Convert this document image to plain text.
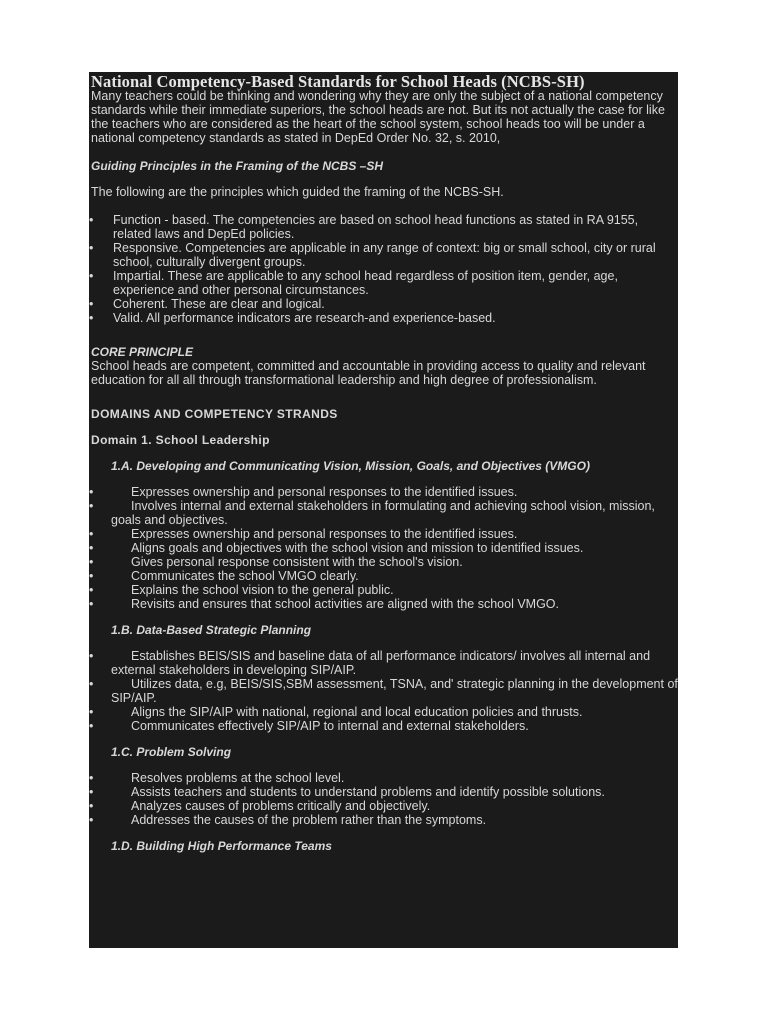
National Competency-Based Standards for School Heads (NCBS-SH)

Many teachers could be thinking and wondering why they are only the subject of a national competency standards while their immediate superiors, the school heads are not. But its not actually the case for like the teachers who are considered as the heart of the school system, school heads too will be under a national competency standards as stated in DepEd Order No. 32, s. 2010,

Guiding Principles in the Framing of the NCBS –SH

The following are the principles which guided the framing of the NCBS-SH.

• Function - based. The competencies are based on school head functions as stated in RA 9155, related laws and DepEd policies.
• Responsive. Competencies are applicable in any range of context: big or small school, city or rural school, culturally divergent groups.
• Impartial. These are applicable to any school head regardless of position item, gender, age, experience and other personal circumstances.
• Coherent. These are clear and logical.
• Valid. All performance indicators are research-and experience-based.

CORE PRINCIPLE

School heads are competent, committed and accountable in providing access to quality and relevant education for all all through transformational leadership and high degree of professionalism.

DOMAINS AND COMPETENCY STRANDS

Domain 1. School Leadership

1.A. Developing and Communicating Vision, Mission, Goals, and Objectives (VMGO)

• Expresses ownership and personal responses to the identified issues.
• Involves internal and external stakeholders in formulating and achieving school vision, mission, goals and objectives.
• Expresses ownership and personal responses to the identified issues.
• Aligns goals and objectives with the school vision and mission to identified issues.
• Gives personal response consistent with the school's vision.
• Communicates the school VMGO clearly.
• Explains the school vision to the general public.
• Revisits and ensures that school activities are aligned with the school VMGO.

1.B. Data-Based Strategic Planning

• Establishes BEIS/SIS and baseline data of all performance indicators/ involves all internal and external stakeholders in developing SIP/AIP.
• Utilizes data, e.g, BEIS/SIS,SBM assessment, TSNA, and' strategic planning in the development of SIP/AIP.
• Aligns the SIP/AIP with national, regional and local education policies and thrusts.
• Communicates effectively SIP/AIP to internal and external stakeholders.

1.C. Problem Solving

• Resolves problems at the school level.
• Assists teachers and students to understand problems and identify possible solutions.
• Analyzes causes of problems critically and objectively.
• Addresses the causes of the problem rather than the symptoms.

1.D. Building High Performance Teams
